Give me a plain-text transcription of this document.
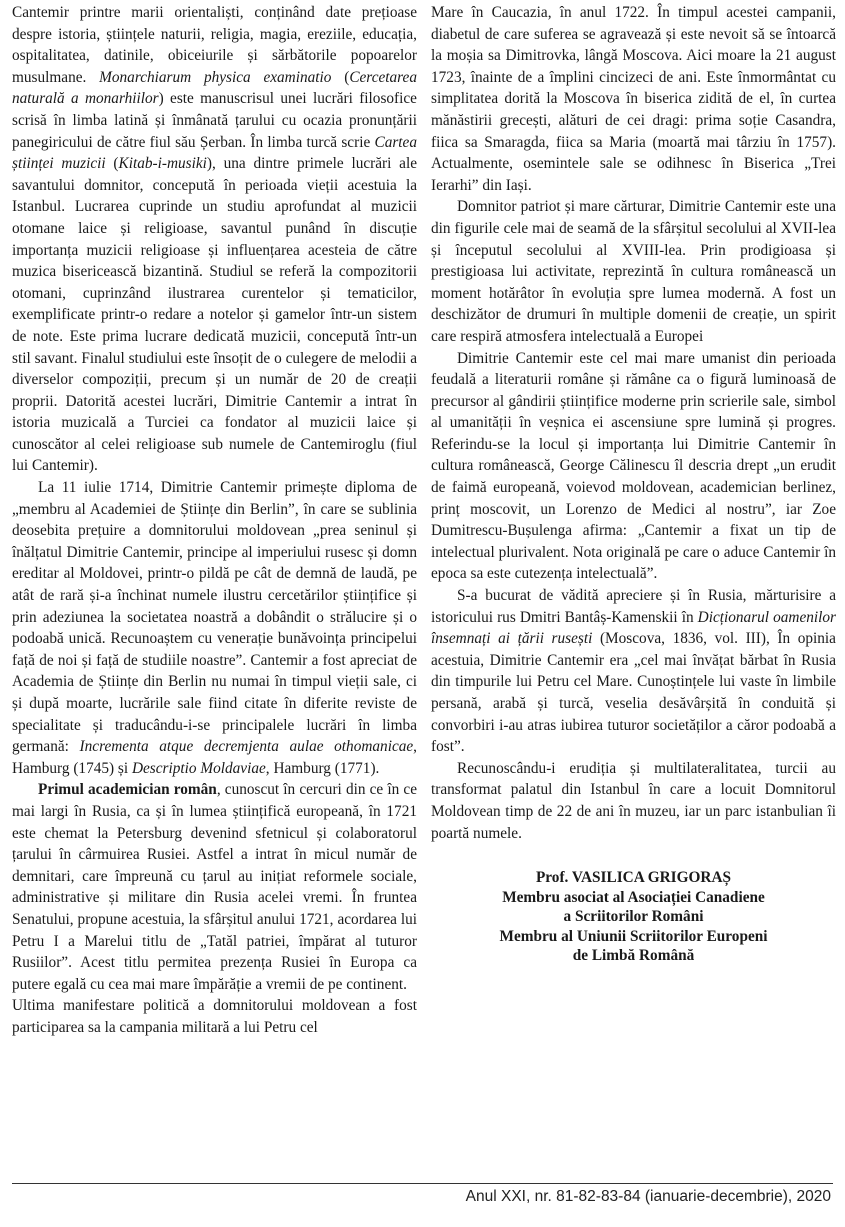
Cantemir printre marii orientaliști, conținând date prețioase despre istoria, științele naturii, religia, magia, ereziile, educația, ospitalitatea, datinile, obiceiurile și sărbătorile popoarelor musulmane. Monarchiarum physica examinatio (Cercetarea naturală a monarhiilor) este manuscrisul unei lucrări filosofice scrisă în limba latină și înmânată țarului cu ocazia pronunțării panegiricului de către fiul său Șerban. În limba turcă scrie Cartea științei muzicii (Kitab-i-musiki), una dintre primele lucrări ale savantului domnitor, concepută în perioada vieții acestuia la Istanbul. Lucrarea cuprinde un studiu aprofundat al muzicii otomane laice și religioase, savantul punând în discuție importanța muzicii religioase și influențarea acesteia de către muzica bisericească bizantină. Studiul se referă la compozitorii otomani, cuprinzând ilustrarea curentelor și tematicilor, exemplificate printr-o redare a notelor și gamelor într-un sistem de note. Este prima lucrare dedicată muzicii, concepută într-un stil savant. Finalul studiului este însoțit de o culegere de melodii a diverselor compoziții, precum și un număr de 20 de creații proprii. Datorită acestei lucrări, Dimitrie Cantemir a intrat în istoria muzicală a Turciei ca fondator al muzicii laice și cunoscător al celei religioase sub numele de Cantemiroglu (fiul lui Cantemir).

La 11 iulie 1714, Dimitrie Cantemir primește diploma de „membru al Academiei de Științe din Berlin”, în care se sublinia deosebita prețuire a domnitorului moldovean „prea seninul și înălțatul Dimitrie Cantemir, principe al imperiului rusesc și domn ereditar al Moldovei, printr-o pildă pe cât de demnă de laudă, pe atât de rară și-a închinat numele ilustru cercetărilor științifice și prin adeziunea la societatea noastră a dobândit o strălucire și o podoabă unică. Recunoaștem cu venerație bunăvoința principelui față de noi și față de studiile noastre”. Cantemir a fost apreciat de Academia de Științe din Berlin nu numai în timpul vieții sale, ci și după moarte, lucrările sale fiind citate în diferite reviste de specialitate și traducându-i-se principalele lucrări în limba germană: Incrementa atque decremjenta aulae othomanicae, Hamburg (1745) și Descriptio Moldaviae, Hamburg (1771).

Primul academician român, cunoscut în cercuri din ce în ce mai largi în Rusia, ca și în lumea științifică europeană, în 1721 este chemat la Petersburg devenind sfetnicul și colaboratorul țarului în cârmuirea Rusiei. Astfel a intrat în micul număr de demnitari, care împreună cu țarul au inițiat reformele sociale, administrative și militare din Rusia acelei vremi. În fruntea Senatului, propune acestuia, la sfârșitul anului 1721, acordarea lui Petru I a Marelui titlu de „Tatăl patriei, împărat al tuturor Rusiilor”. Acest titlu permitea prezența Rusiei în Europa ca putere egală cu cea mai mare împărăție a vremii de pe continent.

Ultima manifestare politică a domnitorului moldovean a fost participarea sa la campania militară a lui Petru cel

Mare în Caucazia, în anul 1722. În timpul acestei campanii, diabetul de care suferea se agravează și este nevoit să se întoarcă la moșia sa Dimitrovka, lângă Moscova. Aici moare la 21 august 1723, înainte de a împlini cincizeci de ani. Este înmormântat cu simplitatea dorită la Moscova în biserica zidită de el, în curtea mănăstirii grecești, alături de cei dragi: prima soție Casandra, fiica sa Smaragda, fiica sa Maria (moartă mai târziu în 1757). Actualmente, osemintele sale se odihnesc în Biserica „Trei Ierarhi” din Iași.

Domnitor patriot și mare cărturar, Dimitrie Cantemir este una din figurile cele mai de seamă de la sfârșitul secolului al XVII-lea și începutul secolului al XVIII-lea. Prin prodigioasa și prestigioasa lui activitate, reprezintă în cultura românească un moment hotărâtor în evoluția spre lumea modernă. A fost un deschizător de drumuri în multiple domenii de creație, un spirit care respiră atmosfera intelectuală a Europei

Dimitrie Cantemir este cel mai mare umanist din perioada feudală a literaturii române și rămâne ca o figură luminoasă de precursor al gândirii științifice moderne prin scrierile sale, simbol al umanității în veșnica ei ascensiune spre lumină și progres. Referindu-se la locul și importanța lui Dimitrie Cantemir în cultura românească, George Călinescu îl descria drept „un erudit de faimă europeană, voievod moldovean, academician berlinez, prinț moscovit, un Lorenzo de Medici al nostru”, iar Zoe Dumitrescu-Bușulenga afirma: „Cantemir a fixat un tip de intelectual plurivalent. Nota originală pe care o aduce Cantemir în epoca sa este cutezența intelectuală”.

S-a bucurat de vădită apreciere și în Rusia, mărturisire a istoricului rus Dmitri Bantâș-Kamenskii în Dicționarul oamenilor însemnați ai țării rusești (Moscova, 1836, vol. III), În opinia acestuia, Dimitrie Cantemir era „cel mai învățat bărbat în Rusia din timpurile lui Petru cel Mare. Cunoștințele lui vaste în limbile persană, arabă și turcă, veselia desăvârșită în conduită și convorbiri i-au atras iubirea tuturor societăților a căror podoabă a fost”.

Recunoscându-i erudiția și multilateralitatea, turcii au transformat palatul din Istanbul în care a locuit Domnitorul Moldovean timp de 22 de ani în muzeu, iar un parc istanbulian îi poartă numele.

Prof. VASILICA GRIGORAȘ
Membru asociat al Asociației Canadiene
a Scriitorilor Români
Membru al Uniunii Scriitorilor Europeni
de Limbă Română
Anul XXI, nr. 81-82-83-84 (ianuarie-decembrie), 2020
